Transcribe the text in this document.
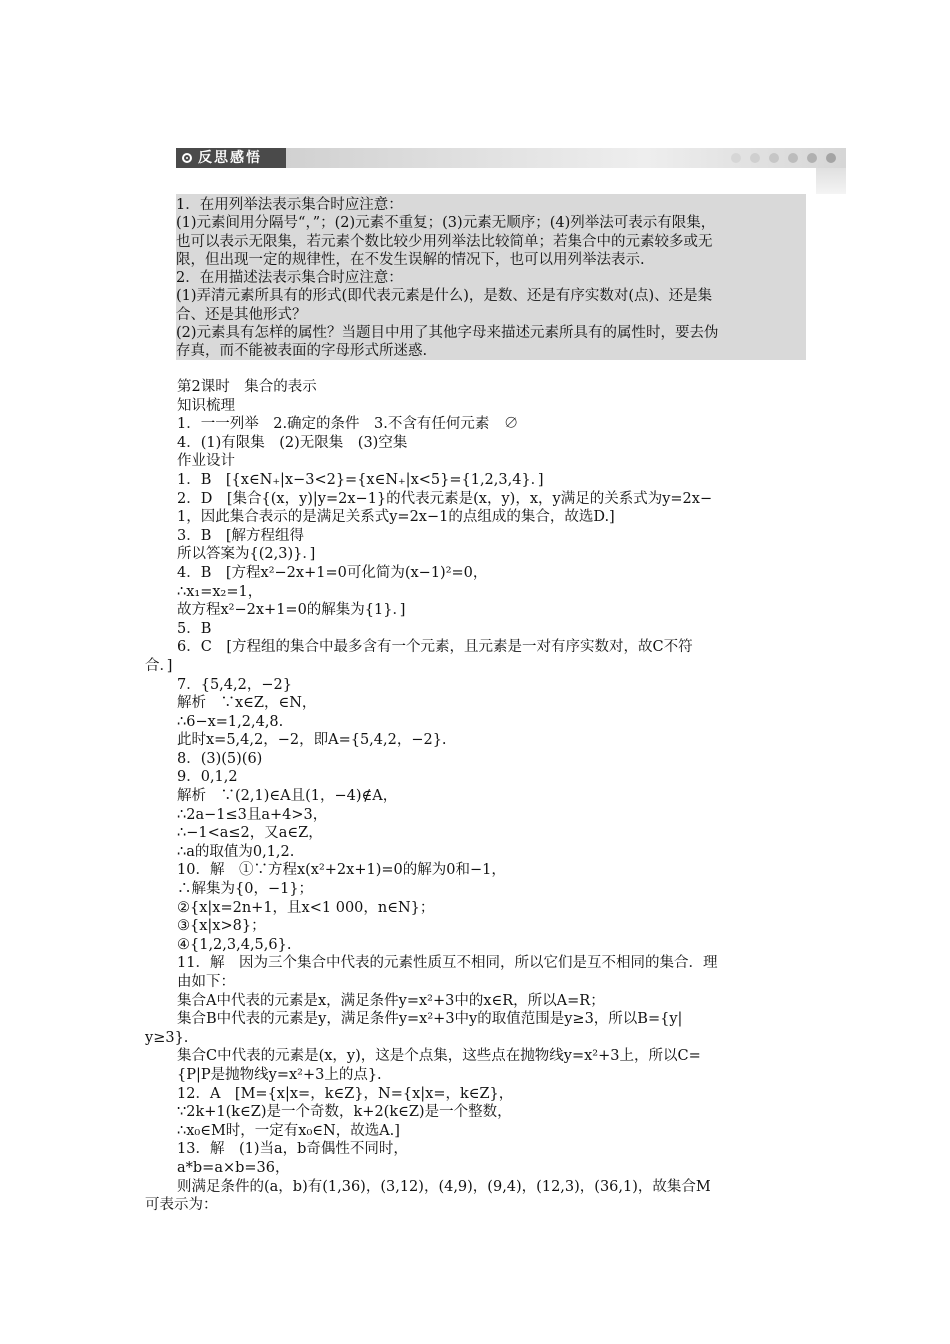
反思感悟
1．在用列举法表示集合时应注意：
(1)元素间用分隔号“，”；(2)元素不重复；(3)元素无顺序；(4)列举法可表示有限集，
也可以表示无限集，若元素个数比较少用列举法比较简单；若集合中的元素较多或无
限，但出现一定的规律性，在不发生误解的情况下，也可以用列举法表示.
2．在用描述法表示集合时应注意：
(1)弄清元素所具有的形式(即代表元素是什么)，是数、还是有序实数对(点)、还是集
合、还是其他形式？
(2)元素具有怎样的属性？当题目中用了其他字母来描述元素所具有的属性时，要去伪
存真，而不能被表面的字母形式所迷惑.
第2课时　集合的表示
知识梳理
1．一一列举　2.确定的条件　3.不含有任何元素　∅
4．(1)有限集　(2)无限集　(3)空集
作业设计
1．B　[{x∈N₊|x−3<2}={x∈N₊|x<5}={1,2,3,4}．]
2．D　[集合{(x，y)|y=2x−1}的代表元素是(x，y)，x，y满足的关系式为y=2x−
1，因此集合表示的是满足关系式y=2x−1的点组成的集合，故选D.]
3．B　[解方程组得
所以答案为{(2,3)}．]
4．B　[方程x²−2x+1=0可化简为(x−1)²=0，
∴x₁=x₂=1，
故方程x²−2x+1=0的解集为{1}．]
5．B
6．C　[方程组的集合中最多含有一个元素，且元素是一对有序实数对，故C不符
合．]
7．{5,4,2，−2}
解析　∵x∈Z，∈N，
∴6−x=1,2,4,8.
此时x=5,4,2，−2，即A={5,4,2，−2}.
8．(3)(5)(6)
9．0,1,2
解析　∵(2,1)∈A且(1，−4)∉A，
∴2a−1≤3且a+4>3，
∴−1<a≤2，又a∈Z，
∴a的取值为0,1,2.
10．解　①∵方程x(x²+2x+1)=0的解为0和−1，
∴解集为{0，−1}；
②{x|x=2n+1，且x<1 000，n∈N}；
③{x|x>8}；
④{1,2,3,4,5,6}.
11．解　因为三个集合中代表的元素性质互不相同，所以它们是互不相同的集合．理
由如下：
集合A中代表的元素是x，满足条件y=x²+3中的x∈R，所以A=R；
集合B中代表的元素是y，满足条件y=x²+3中y的取值范围是y≥3，所以B={y|
y≥3}.
集合C中代表的元素是(x，y)，这是个点集，这些点在抛物线y=x²+3上，所以C=
{P|P是抛物线y=x²+3上的点}.
12．A　[M={x|x=，k∈Z}，N={x|x=，k∈Z}，
∵2k+1(k∈Z)是一个奇数，k+2(k∈Z)是一个整数，
∴x₀∈M时，一定有x₀∈N，故选A.]
13．解　(1)当a，b奇偶性不同时，
a*b=a×b=36，
则满足条件的(a，b)有(1,36)，(3,12)，(4,9)，(9,4)，(12,3)，(36,1)，故集合M
可表示为：
